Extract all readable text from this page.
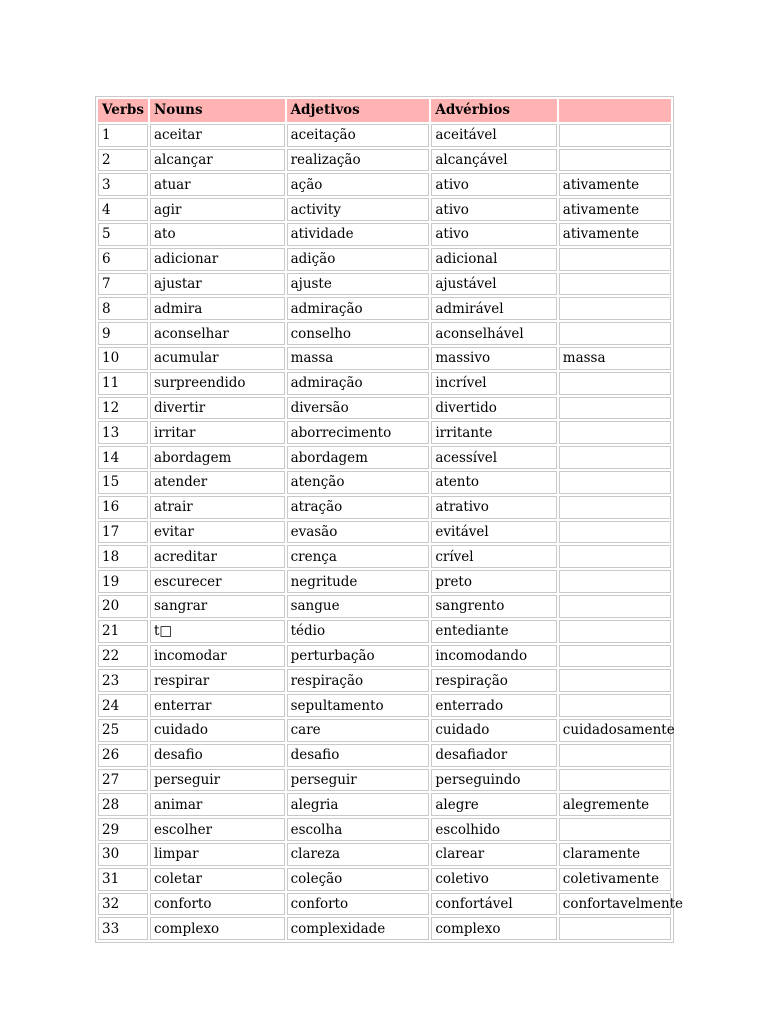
Verbs	Nouns	Adjetivos	Advérbios	
1	aceitar	aceitação	aceitável	
2	alcançar	realização	alcançável	
3	atuar	ação	ativo	ativamente
4	agir	activity	ativo	ativamente
5	ato	atividade	ativo	ativamente
6	adicionar	adição	adicional	
7	ajustar	ajuste	ajustável	
8	admira	admiração	admirável	
9	aconselhar	conselho	aconselhável	
10	acumular	massa	massivo	massa
11	surpreendido	admiração	incrível	
12	divertir	diversão	divertido	
13	irritar	aborrecimento	irritante	
14	abordagem	abordagem	acessível	
15	atender	atenção	atento	
16	atrair	atração	atrativo	
17	evitar	evasão	evitável	
18	acreditar	crença	crível	
19	escurecer	negritude	preto	
20	sangrar	sangue	sangrento	
21	t□	tédio	entediante	
22	incomodar	perturbação	incomodando	
23	respirar	respiração	respiração	
24	enterrar	sepultamento	enterrado	
25	cuidado	care	cuidado	cuidadosamente
26	desafio	desafio	desafiador	
27	perseguir	perseguir	perseguindo	
28	animar	alegria	alegre	alegremente
29	escolher	escolha	escolhido	
30	limpar	clareza	clarear	claramente
31	coletar	coleção	coletivo	coletivamente
32	conforto	conforto	confortável	confortavelmente
33	complexo	complexidade	complexo	
